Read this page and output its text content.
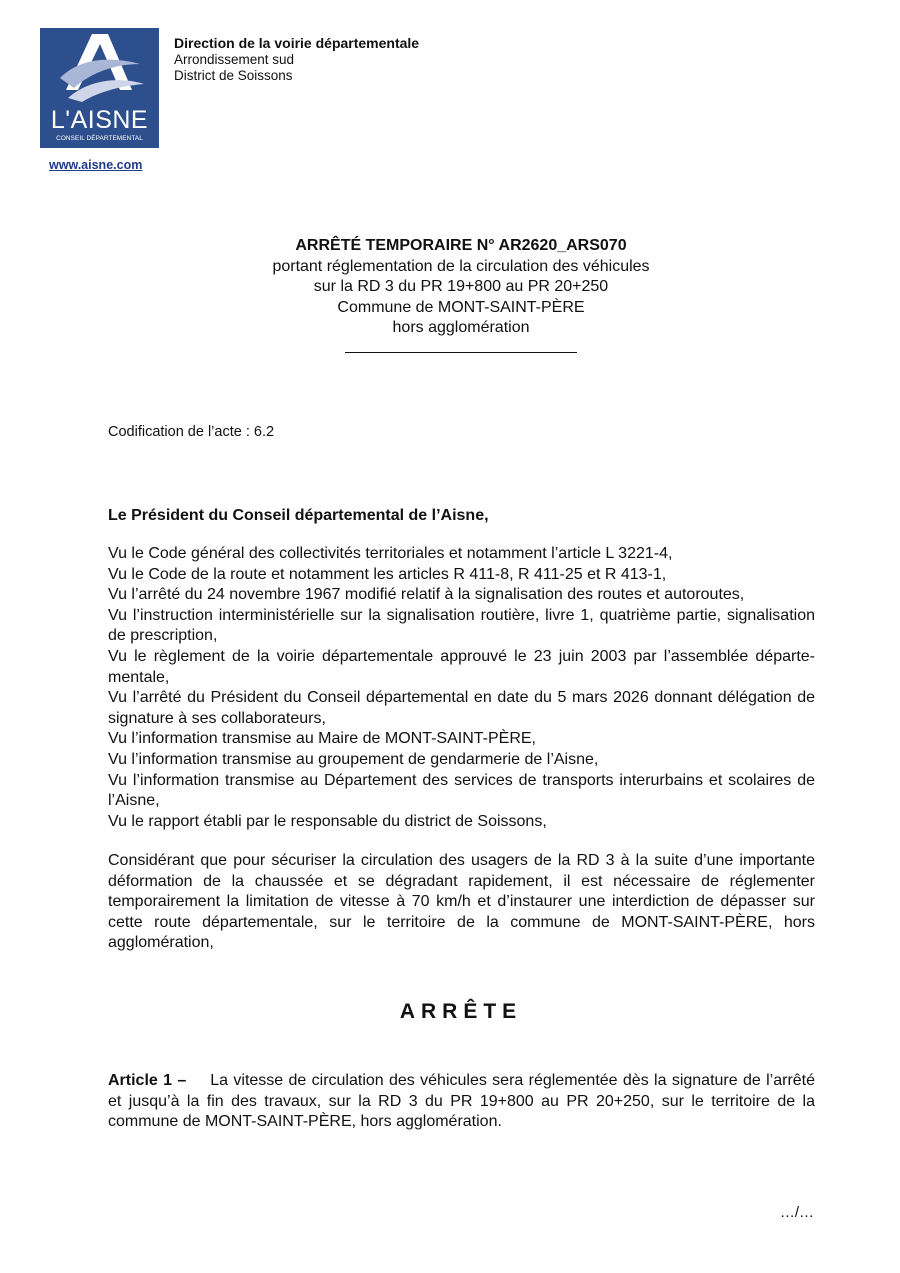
L'AISNE
CONSEIL DÉPARTEMENTAL
www.aisne.com
Direction de la voirie départementale
Arrondissement sud
District de Soissons
ARRÊTÉ TEMPORAIRE N° AR2620_ARS070
portant réglementation de la circulation des véhicules
sur la RD 3 du PR 19+800 au PR 20+250
Commune de MONT-SAINT-PÈRE
hors agglomération
Codification de l’acte : 6.2
Le Président du Conseil départemental de l’Aisne,

Vu le Code général des collectivités territoriales et notamment l’article L 3221-4,

Vu le Code de la route et notamment les articles R 411-8, R 411-25 et R 413-1,

Vu l’arrêté du 24 novembre 1967 modifié relatif à la signalisation des routes et autoroutes,

Vu l’instruction interministérielle sur la signalisation routière, livre 1, quatrième partie, signalisation de prescription,

Vu le règlement de la voirie départementale approuvé le 23 juin 2003 par l’assemblée départe-mentale,

Vu l’arrêté du Président du Conseil départemental en date du 5 mars 2026 donnant délégation de signature à ses collaborateurs,

Vu l’information transmise au Maire de MONT-SAINT-PÈRE,

Vu l’information transmise au groupement de gendarmerie de l’Aisne,

Vu l’information transmise au Département des services de transports interurbains et scolaires de l’Aisne,

Vu le rapport établi par le responsable du district de Soissons,

Considérant que pour sécuriser la circulation des usagers de la RD 3 à la suite d’une importante déformation de la chaussée et se dégradant rapidement, il est nécessaire de réglementer temporairement la limitation de vitesse à 70 km/h et d’instaurer une interdiction de dépasser sur cette route départementale, sur le territoire de la commune de MONT-SAINT-PÈRE, hors agglomération,
ARRÊTE
Article 1 – La vitesse de circulation des véhicules sera réglementée dès la signature de l’arrêté et jusqu’à la fin des travaux, sur la RD 3 du PR 19+800 au PR 20+250, sur le territoire de la commune de MONT-SAINT-PÈRE, hors agglomération.
…/…
